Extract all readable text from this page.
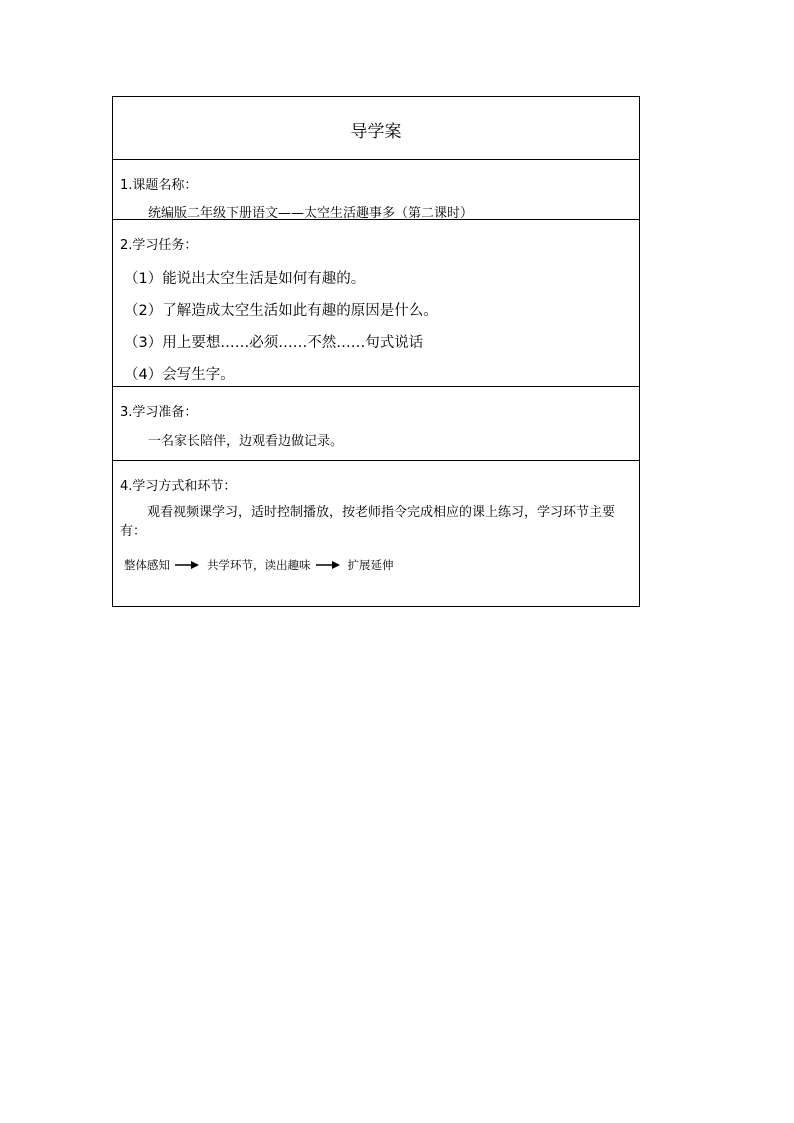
导学案
1.课题名称：
统编版二年级下册语文——太空生活趣事多（第二课时）
2.学习任务：
（1）能说出太空生活是如何有趣的。
（2）了解造成太空生活如此有趣的原因是什么。
（3）用上要想……必须……不然……句式说话
（4）会写生字。
3.学习准备：
一名家长陪伴，边观看边做记录。
4.学习方式和环节：
观看视频课学习，适时控制播放，按老师指令完成相应的课上练习，学习环节主要有：
整体感知	共学环节，读出趣味	扩展延伸
